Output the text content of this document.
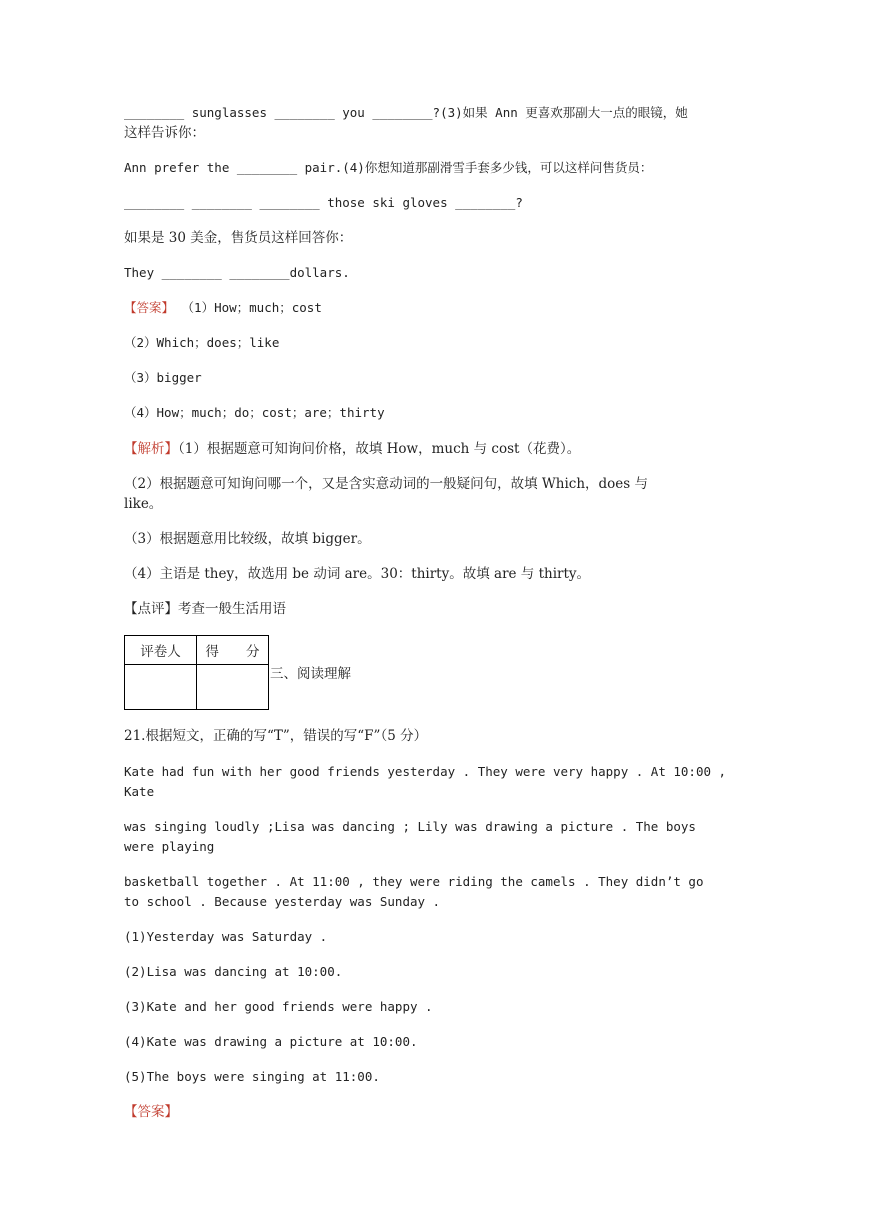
________ sunglasses ________ you ________?(3)如果 Ann 更喜欢那副大一点的眼镜，她
这样告诉你：
Ann prefer the ________ pair.(4)你想知道那副滑雪手套多少钱，可以这样问售货员：
________ ________ ________ those ski gloves ________?
如果是 30 美金，售货员这样回答你：
They ________ ________dollars.
【答案】 （1）How；much；cost
（2）Which；does；like
（3）bigger
（4）How；much；do；cost；are；thirty
【解析】（1）根据题意可知询问价格，故填 How，much 与 cost（花费）。
（2）根据题意可知询问哪一个，又是含实意动词的一般疑问句，故填 Which，does 与
like。
（3）根据题意用比较级，故填 bigger。
（4）主语是 they，故选用 be 动词 are。30：thirty。故填 are 与 thirty。
【点评】考查一般生活用语
评卷人	得　　分

三、阅读理解
21.根据短文，正确的写“T”，错误的写“F”（5 分）
Kate had fun with her good friends yesterday . They were very happy . At 10:00 ,
Kate
was singing loudly ;Lisa was dancing ; Lily was drawing a picture . The boys
were playing
basketball together . At 11:00 , they were riding the camels . They didn’t go
to school . Because yesterday was Sunday .
(1)Yesterday was Saturday .
(2)Lisa was dancing at 10:00.
(3)Kate and her good friends were happy .
(4)Kate was drawing a picture at 10:00.
(5)The boys were singing at 11:00.
【答案】
